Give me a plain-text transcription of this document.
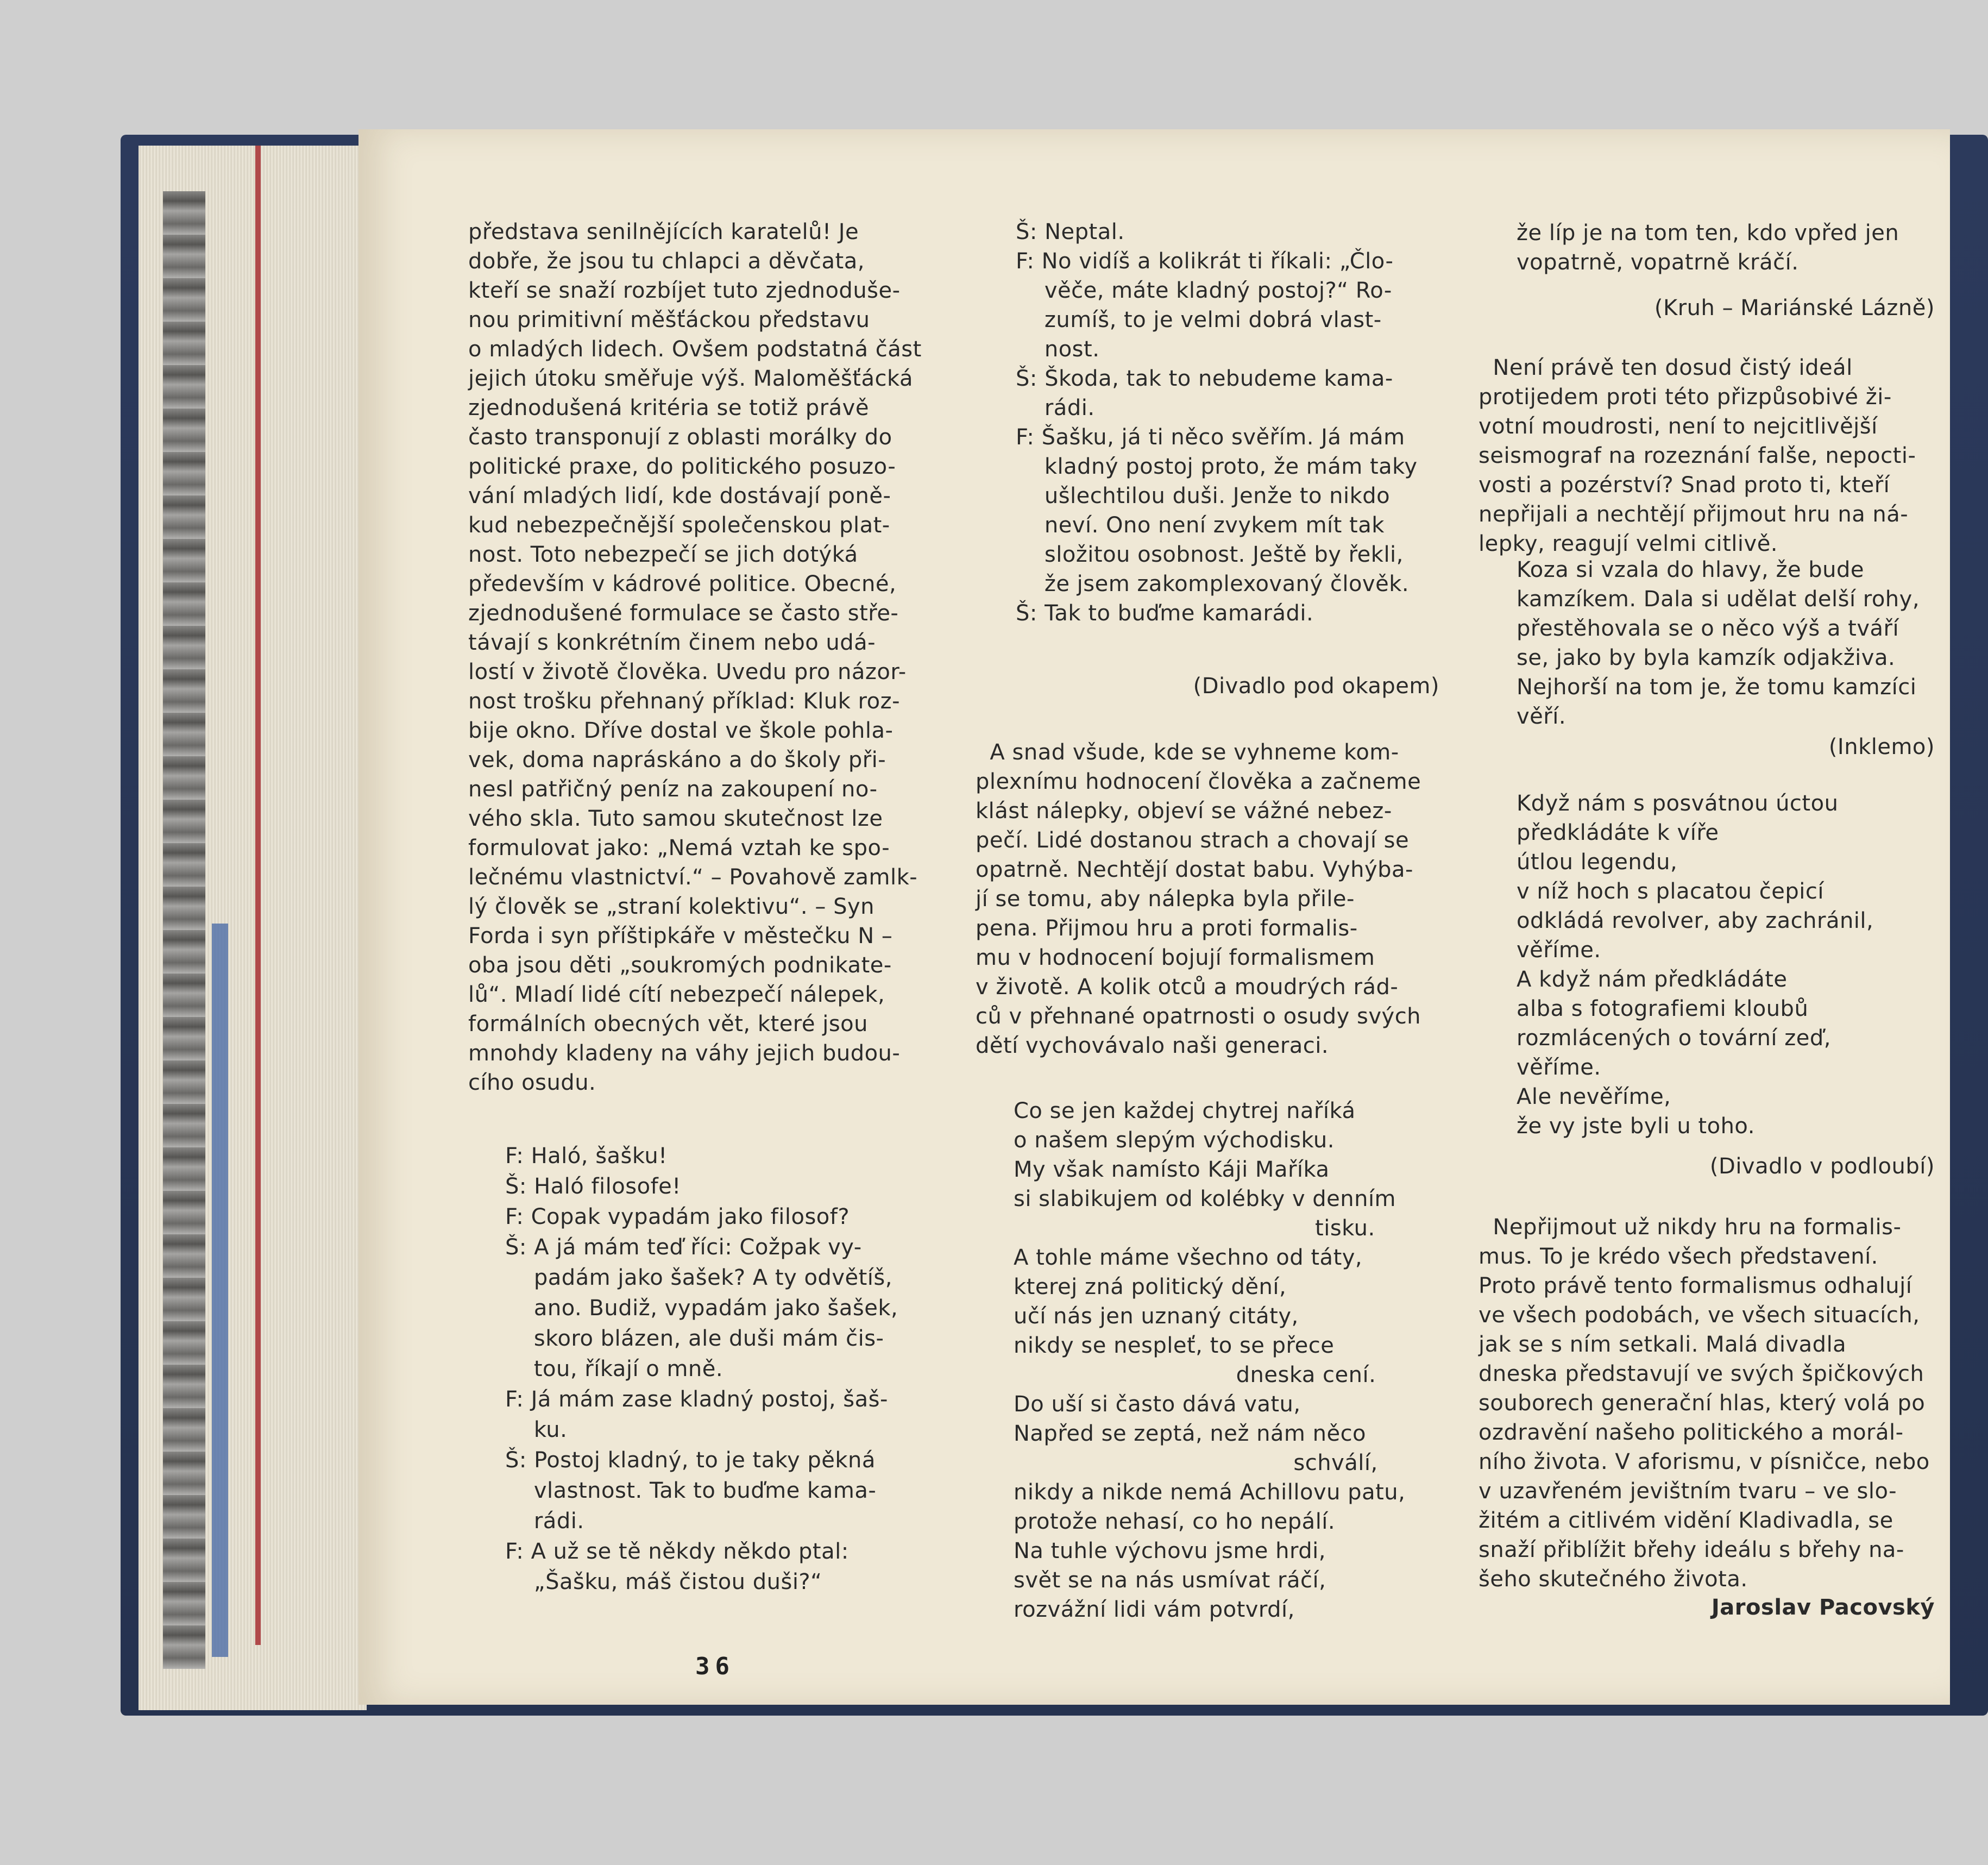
představa senilnějících karatelů! Je
dobře, že jsou tu chlapci a děvčata,
kteří se snaží rozbíjet tuto zjednoduše-
nou primitivní měšťáckou představu
o mladých lidech. Ovšem podstatná část
jejich útoku směřuje výš. Maloměšťácká
zjednodušená kritéria se totiž právě
často transponují z oblasti morálky do
politické praxe, do politického posuzo-
vání mladých lidí, kde dostávají poně-
kud nebezpečnější společenskou plat-
nost. Toto nebezpečí se jich dotýká
především v kádrové politice. Obecné,
zjednodušené formulace se často stře-
távají s konkrétním činem nebo udá-
lostí v životě člověka. Uvedu pro názor-
nost trošku přehnaný příklad: Kluk roz-
bije okno. Dříve dostal ve škole pohla-
vek, doma napráskáno a do školy při-
nesl patřičný peníz na zakoupení no-
vého skla. Tuto samou skutečnost lze
formulovat jako: „Nemá vztah ke spo-
lečnému vlastnictví.“ – Povahově zamlk-
lý člověk se „straní kolektivu“. – Syn
Forda i syn příštipkáře v městečku N –
oba jsou děti „soukromých podnikate-
lů“. Mladí lidé cítí nebezpečí nálepek,
formálních obecných vět, které jsou
mnohdy kladeny na váhy jejich budou-
cího osudu.
F: Haló, šašku!
Š: Haló filosofe!
F: Copak vypadám jako filosof?
Š: A já mám teď říci: Cožpak vy-
padám jako šašek? A ty odvětíš,
ano. Budiž, vypadám jako šašek,
skoro blázen, ale duši mám čis-
tou, říkají o mně.
F: Já mám zase kladný postoj, šaš-
ku.
Š: Postoj kladný, to je taky pěkná
vlastnost. Tak to buďme kama-
rádi.
F: A už se tě někdy někdo ptal:
„Šašku, máš čistou duši?“
Š: Neptal.
F: No vidíš a kolikrát ti říkali: „Člo-
věče, máte kladný postoj?“ Ro-
zumíš, to je velmi dobrá vlast-
nost.
Š: Škoda, tak to nebudeme kama-
rádi.
F: Šašku, já ti něco svěřím. Já mám
kladný postoj proto, že mám taky
ušlechtilou duši. Jenže to nikdo
neví. Ono není zvykem mít tak
složitou osobnost. Ještě by řekli,
že jsem zakomplexovaný člověk.
Š: Tak to buďme kamarádi.
(Divadlo pod okapem)
A snad všude, kde se vyhneme kom-
plexnímu hodnocení člověka a začneme
klást nálepky, objeví se vážné nebez-
pečí. Lidé dostanou strach a chovají se
opatrně. Nechtějí dostat babu. Vyhýba-
jí se tomu, aby nálepka byla přile-
pena. Přijmou hru a proti formalis-
mu v hodnocení bojují formalismem
v životě. A kolik otců a moudrých rád-
ců v přehnané opatrnosti o osudy svých
dětí vychovávalo naši generaci.
Co se jen každej chytrej naříká
o našem slepým východisku.
My však namísto Káji Maříka
si slabikujem od kolébky v denním
tisku.
A tohle máme všechno od táty,
kterej zná politický dění,
učí nás jen uznaný citáty,
nikdy se nespleť, to se přece
dneska cení.
Do uší si často dává vatu,
Napřed se zeptá, než nám něco
schválí,
nikdy a nikde nemá Achillovu patu,
protože nehasí, co ho nepálí.
Na tuhle výchovu jsme hrdi,
svět se na nás usmívat ráčí,
rozvážní lidi vám potvrdí,
že líp je na tom ten, kdo vpřed jen
vopatrně, vopatrně kráčí.
(Kruh – Mariánské Lázně)
Není právě ten dosud čistý ideál
protijedem proti této přizpůsobivé ži-
votní moudrosti, není to nejcitlivější
seismograf na rozeznání falše, nepocti-
vosti a pozérství? Snad proto ti, kteří
nepřijali a nechtějí přijmout hru na ná-
lepky, reagují velmi citlivě.
Koza si vzala do hlavy, že bude
kamzíkem. Dala si udělat delší rohy,
přestěhovala se o něco výš a tváří
se, jako by byla kamzík odjakživa.
Nejhorší na tom je, že tomu kamzíci
věří.
(Inklemo)
Když nám s posvátnou úctou
předkládáte k víře
útlou legendu,
v níž hoch s placatou čepicí
odkládá revolver, aby zachránil,
věříme.
A když nám předkládáte
alba s fotografiemi kloubů
rozmlácených o tovární zeď,
věříme.
Ale nevěříme,
že vy jste byli u toho.
(Divadlo v podloubí)
Nepřijmout už nikdy hru na formalis-
mus. To je krédo všech představení.
Proto právě tento formalismus odhalují
ve všech podobách, ve všech situacích,
jak se s ním setkali. Malá divadla
dneska představují ve svých špičkových
souborech generační hlas, který volá po
ozdravění našeho politického a morál-
ního života. V aforismu, v písničce, nebo
v uzavřeném jevištním tvaru – ve slo-
žitém a citlivém vidění Kladivadla, se
snaží přiblížit břehy ideálu s břehy na-
šeho skutečného života.
Jaroslav Pacovský
36
